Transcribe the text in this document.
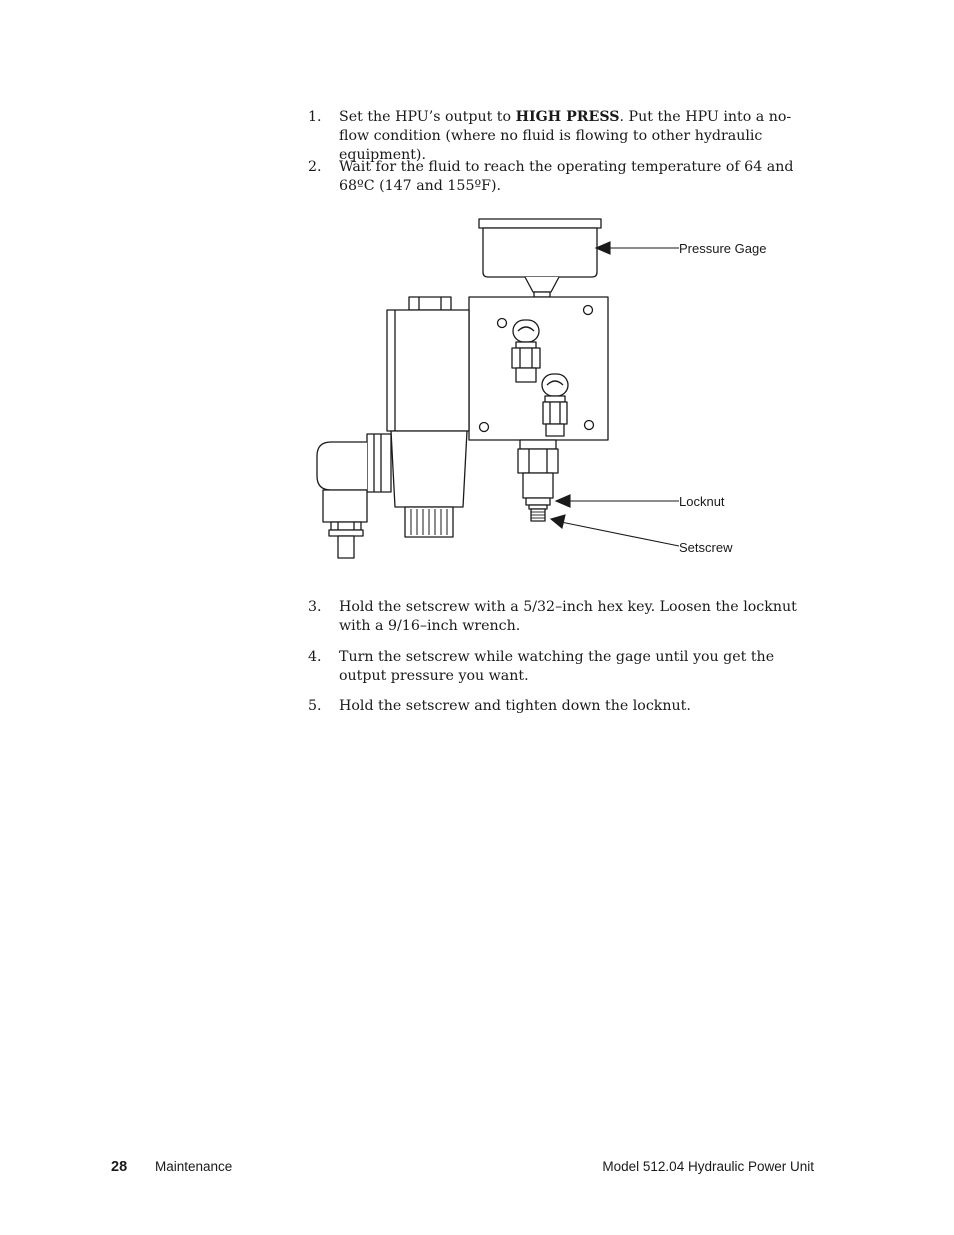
1. Set the HPU’s output to HIGH PRESS. Put the HPU into a no-flow condition (where no fluid is flowing to other hydraulic equipment).
2. Wait for the fluid to reach the operating temperature of 64 and 68ºC (147 and 155ºF).
Pressure Gage
Locknut
Setscrew
3. Hold the setscrew with a 5/32–inch hex key. Loosen the locknut with a 9/16–inch wrench.
4. Turn the setscrew while watching the gage until you get the output pressure you want.
5. Hold the setscrew and tighten down the locknut.
28 Maintenance	Model 512.04 Hydraulic Power Unit
